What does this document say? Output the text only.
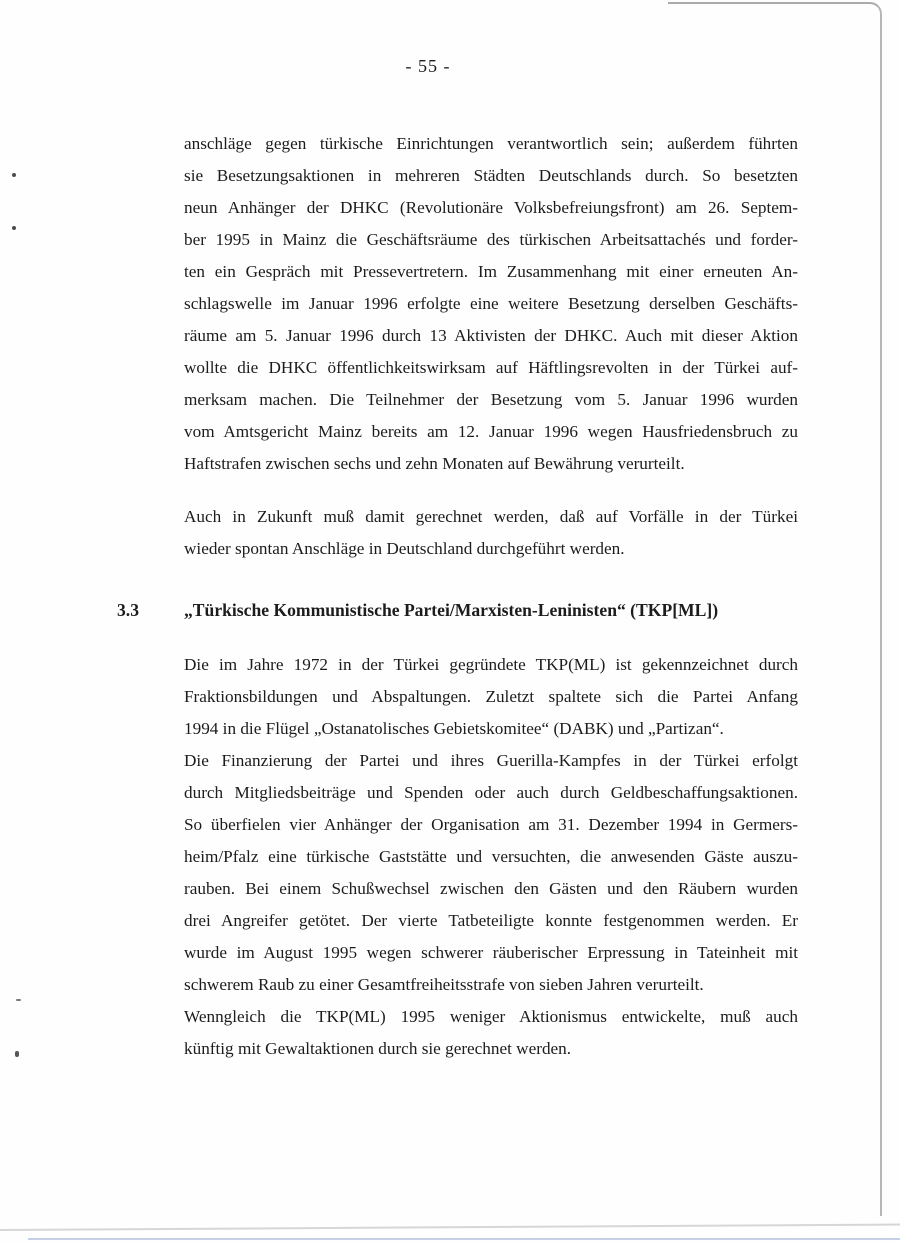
- 55 -
anschläge gegen türkische Einrichtungen verantwortlich sein; außerdem führten
sie Besetzungsaktionen in mehreren Städten Deutschlands durch. So besetzten
neun Anhänger der DHKC (Revolutionäre Volksbefreiungsfront) am 26. Septem-
ber 1995 in Mainz die Geschäftsräume des türkischen Arbeitsattachés und forder-
ten ein Gespräch mit Pressevertretern. Im Zusammenhang mit einer erneuten An-
schlagswelle im Januar 1996 erfolgte eine weitere Besetzung derselben Geschäfts-
räume am 5. Januar 1996 durch 13 Aktivisten der DHKC. Auch mit dieser Aktion
wollte die DHKC öffentlichkeitswirksam auf Häftlingsrevolten in der Türkei auf-
merksam machen. Die Teilnehmer der Besetzung vom 5. Januar 1996 wurden
vom Amtsgericht Mainz bereits am 12. Januar 1996 wegen Hausfriedensbruch zu
Haftstrafen zwischen sechs und zehn Monaten auf Bewährung verurteilt.
Auch in Zukunft muß damit gerechnet werden, daß auf Vorfälle in der Türkei
wieder spontan Anschläge in Deutschland durchgeführt werden.
3.3	„Türkische Kommunistische Partei/Marxisten-Leninisten“ (TKP[ML])
Die im Jahre 1972 in der Türkei gegründete TKP(ML) ist gekennzeichnet durch
Fraktionsbildungen und Abspaltungen. Zuletzt spaltete sich die Partei Anfang
1994 in die Flügel „Ostanatolisches Gebietskomitee“ (DABK) und „Partizan“.
Die Finanzierung der Partei und ihres Guerilla-Kampfes in der Türkei erfolgt
durch Mitgliedsbeiträge und Spenden oder auch durch Geldbeschaffungsaktionen.
So überfielen vier Anhänger der Organisation am 31. Dezember 1994 in Germers-
heim/Pfalz eine türkische Gaststätte und versuchten, die anwesenden Gäste auszu-
rauben. Bei einem Schußwechsel zwischen den Gästen und den Räubern wurden
drei Angreifer getötet. Der vierte Tatbeteiligte konnte festgenommen werden. Er
wurde im August 1995 wegen schwerer räuberischer Erpressung in Tateinheit mit
schwerem Raub zu einer Gesamtfreiheitsstrafe von sieben Jahren verurteilt.
Wenngleich die TKP(ML) 1995 weniger Aktionismus entwickelte, muß auch
künftig mit Gewaltaktionen durch sie gerechnet werden.
